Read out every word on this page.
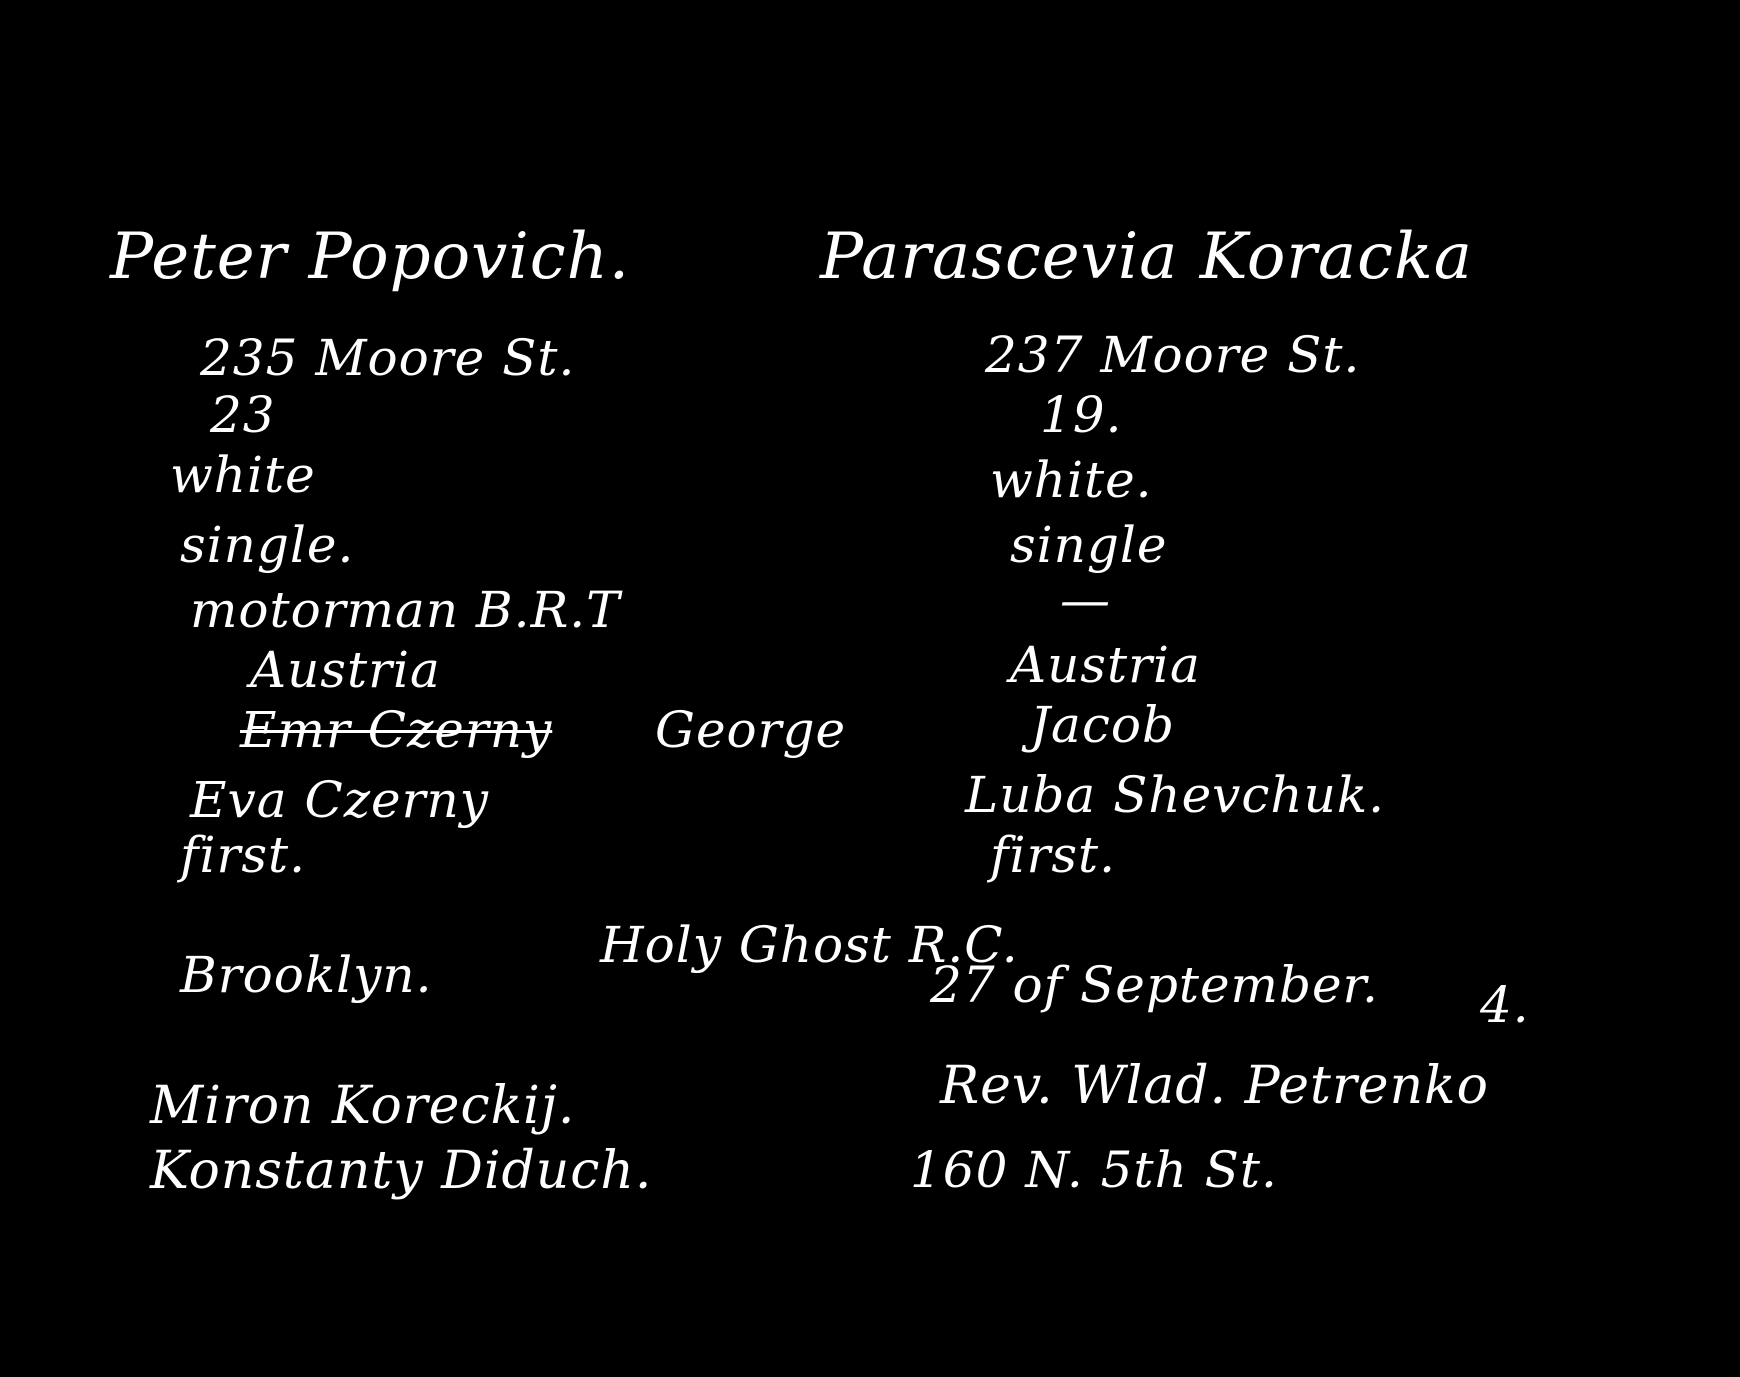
Peter Popovich.
235 Moore St.
23
white
single.
motorman B.R.T
Austria
Emr Czerny George
Eva Czerny
first.
Parascevia Koracka
237 Moore St.
19.
white.
single
—
Austria
Jacob
Luba Shevchuk.
first.
Brooklyn.
Holy Ghost R.C.
27 of September. 4.
Rev. Wlad. Petrenko
160 N. 5th St.
Miron Koreckij.
Konstanty Diduch.
